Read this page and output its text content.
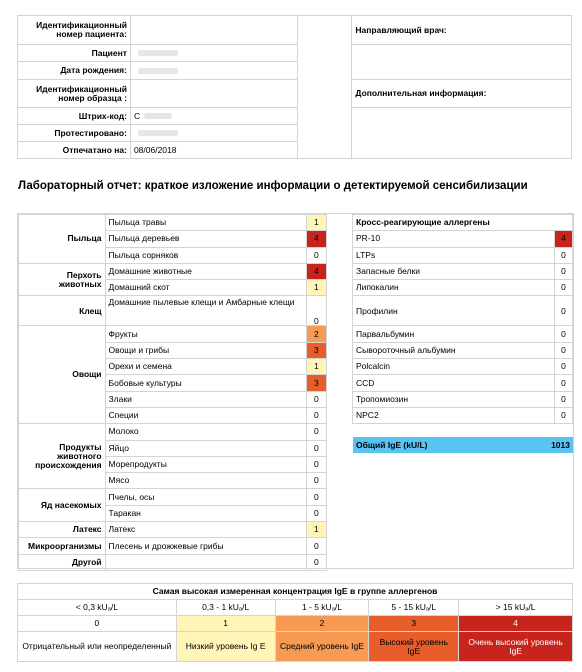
Идентификационный номер пациента:			Направляющий врач:
Пациент			
Дата рождения:			
Идентификационный номер образца :			Дополнительная информация:
Штрих-код:	C		
Протестировано:			
Отпечатано на:	08/06/2018		
Лабораторный отчет: краткое изложение информации о детектируемой сенсибилизации
Пыльца	Пыльца травы	1
	Пыльца деревьев	4
	Пыльца сорняков	0
Перхоть животных	Домашние животные	4
	Домашний скот	1
Клещ	Домашние пылевые клещи и Амбарные клещи	0
Овощи	Фрукты	2
	Овощи и грибы	3
	Орехи и семена	1
	Бобовые культуры	3
	Злаки	0
	Специи	0
Продукты животного происхождения	Молоко	0
	Яйцо	0
	Морепродукты	0
	Мясо	0
Яд насекомых	Пчелы, осы	0
	Таракан	0
Латекс	Латекс	1
Микроорганизмы	Плесень и дрожжевые грибы	0
Другой		0
Кросс-реагирующие аллергены	
PR-10	4
LTPs	0
Запасные белки	0
Липокалин	0
Профилин	0
Парвальбумин	0
Сывороточный альбумин	0
Polcalcin	0
CCD	0
Тропомиозин	0
NPC2	0
Общий IgE (kU/L)	1013
Самая высокая измеренная концентрация IgE в группе аллергенов				
< 0,3 kUₐ/L	0,3 - 1 kUₐ/L	1 - 5 kUₐ/L	5 - 15 kUₐ/L	> 15 kUₐ/L
0	1	2	3	4
Отрицательный или неопределенный	Низкий уровень Ig E	Средний уровень IgE	Высокий уровень IgE	Очень высокий уровень IgE
